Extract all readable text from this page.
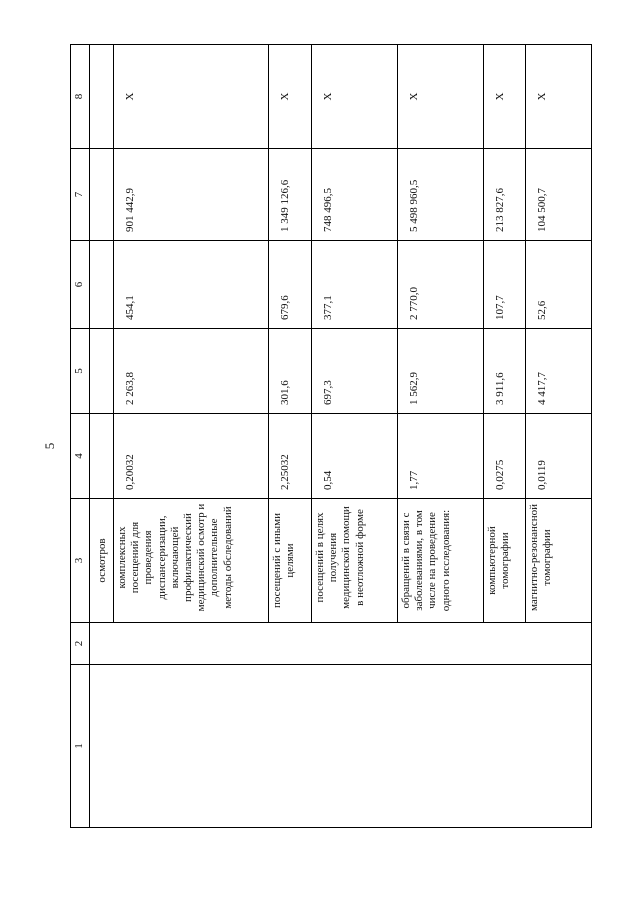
5
1	2	3	4	5	6	7	8
		осмотров					
		комплексных посещений для проведения диспансеризации, включающей профилактический медицинский осмотр и дополнительные методы обследований	0,20032	2 263,8	454,1	901 442,9	X
		посещений с иными целями	2,25032	301,6	679,6	1 349 126,6	X
		посещений в целях получения медицинской помощи в неотложной форме	0,54	697,3	377,1	748 496,5	X
		обращений в связи с заболеваниями, в том числе на проведение одного исследования:	1,77	1 562,9	2 770,0	5 498 960,5	X
		компьютерной томографии	0,0275	3 911,6	107,7	213 827,6	X
		магнитно-резонансной томографии	0,0119	4 417,7	52,6	104 500,7	X
